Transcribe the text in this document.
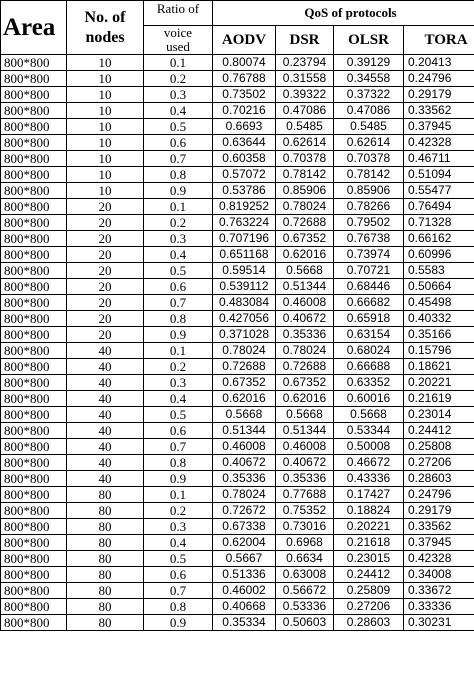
Area	No. of
nodes	Ratio of	QoS of protocols			
		voice
used	AODV	DSR	OLSR	TORA
800*800	10	0.1	0.80074	0.23794	0.39129	0.20413
800*800	10	0.2	0.76788	0.31558	0.34558	0.24796
800*800	10	0.3	0.73502	0.39322	0.37322	0.29179
800*800	10	0.4	0.70216	0.47086	0.47086	0.33562
800*800	10	0.5	0.6693	0.5485	0.5485	0.37945
800*800	10	0.6	0.63644	0.62614	0.62614	0.42328
800*800	10	0.7	0.60358	0.70378	0.70378	0.46711
800*800	10	0.8	0.57072	0.78142	0.78142	0.51094
800*800	10	0.9	0.53786	0.85906	0.85906	0.55477
800*800	20	0.1	0.819252	0.78024	0.78266	0.76494
800*800	20	0.2	0.763224	0.72688	0.79502	0.71328
800*800	20	0.3	0.707196	0.67352	0.76738	0.66162
800*800	20	0.4	0.651168	0.62016	0.73974	0.60996
800*800	20	0.5	0.59514	0.5668	0.70721	0.5583
800*800	20	0.6	0.539112	0.51344	0.68446	0.50664
800*800	20	0.7	0.483084	0.46008	0.66682	0.45498
800*800	20	0.8	0.427056	0.40672	0.65918	0.40332
800*800	20	0.9	0.371028	0.35336	0.63154	0.35166
800*800	40	0.1	0.78024	0.78024	0.68024	0.15796
800*800	40	0.2	0.72688	0.72688	0.66688	0.18621
800*800	40	0.3	0.67352	0.67352	0.63352	0.20221
800*800	40	0.4	0.62016	0.62016	0.60016	0.21619
800*800	40	0.5	0.5668	0.5668	0.5668	0.23014
800*800	40	0.6	0.51344	0.51344	0.53344	0.24412
800*800	40	0.7	0.46008	0.46008	0.50008	0.25808
800*800	40	0.8	0.40672	0.40672	0.46672	0.27206
800*800	40	0.9	0.35336	0.35336	0.43336	0.28603
800*800	80	0.1	0.78024	0.77688	0.17427	0.24796
800*800	80	0.2	0.72672	0.75352	0.18824	0.29179
800*800	80	0.3	0.67338	0.73016	0.20221	0.33562
800*800	80	0.4	0.62004	0.6968	0.21618	0.37945
800*800	80	0.5	0.5667	0.6634	0.23015	0.42328
800*800	80	0.6	0.51336	0.63008	0.24412	0.34008
800*800	80	0.7	0.46002	0.56672	0.25809	0.33672
800*800	80	0.8	0.40668	0.53336	0.27206	0.33336
800*800	80	0.9	0.35334	0.50603	0.28603	0.30231
